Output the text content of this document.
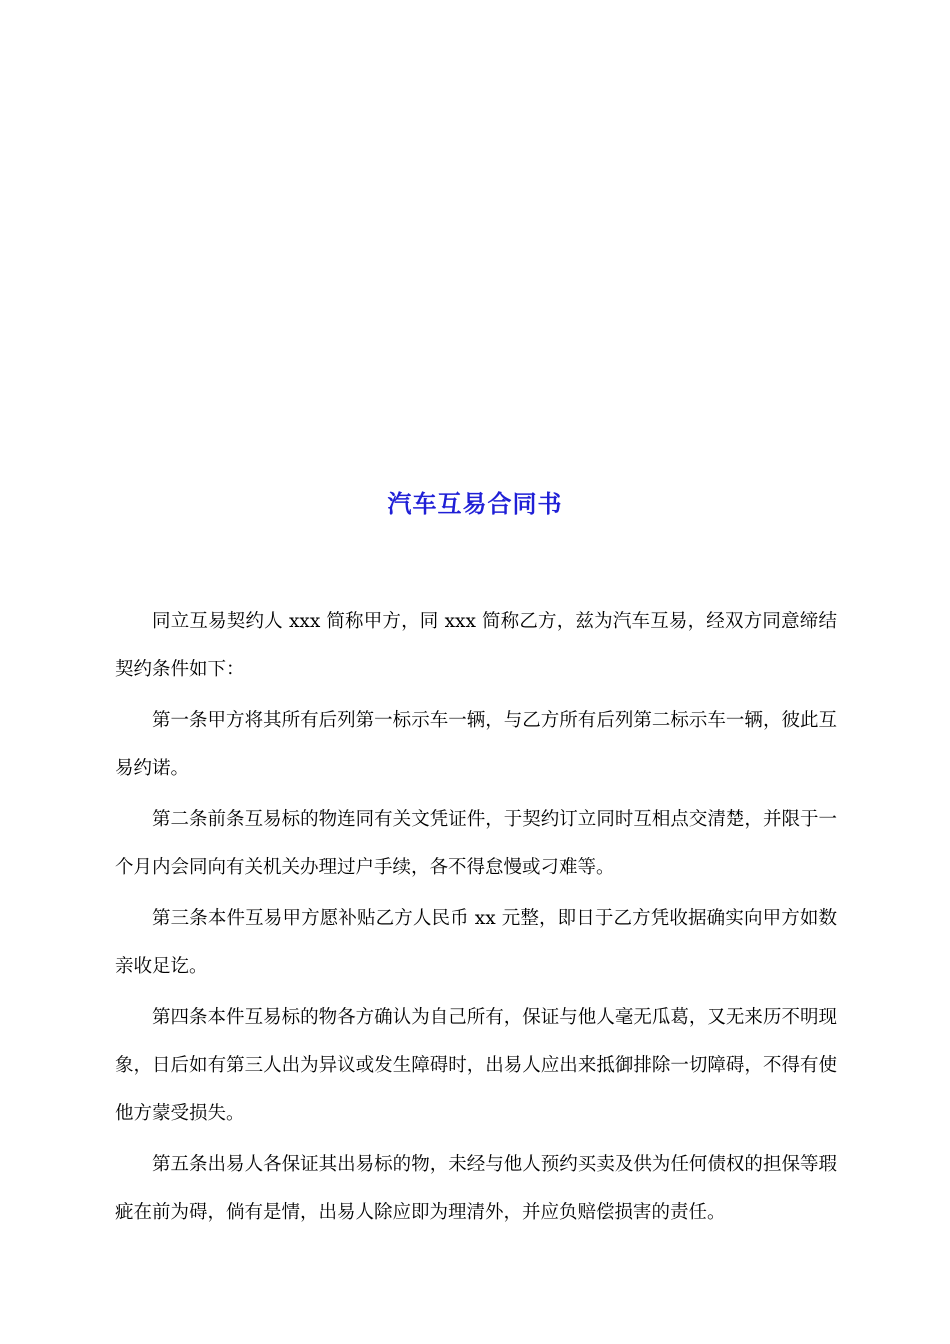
汽车互易合同书

同立互易契约人 xxx 简称甲方，同 xxx 简称乙方，兹为汽车互易，经双方同意缔结契约条件如下：

第一条甲方将其所有后列第一标示车一辆，与乙方所有后列第二标示车一辆，彼此互易约诺。

第二条前条互易标的物连同有关文凭证件，于契约订立同时互相点交清楚，并限于一个月内会同向有关机关办理过户手续，各不得怠慢或刁难等。

第三条本件互易甲方愿补贴乙方人民币 xx 元整，即日于乙方凭收据确实向甲方如数亲收足讫。

第四条本件互易标的物各方确认为自己所有，保证与他人毫无瓜葛，又无来历不明现象，日后如有第三人出为异议或发生障碍时，出易人应出来抵御排除一切障碍，不得有使他方蒙受损失。

第五条出易人各保证其出易标的物，未经与他人预约买卖及供为任何债权的担保等瑕疵在前为碍，倘有是情，出易人除应即为理清外，并应负赔偿损害的责任。
